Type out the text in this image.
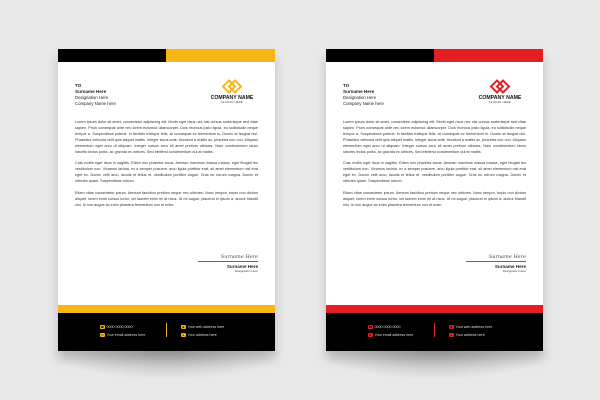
TO
Surname Here
Designation Here
Company Name here
COMPANY NAME
SLOGAN HERE

Lorem ipsum dolor sit amet, consectetur adipiscing elit. Morbi eget risus nec nisi cursus scelerisque sed vitae sapien. Proin consequat ante nec lorem euismod ullamcorper. Duis rhoncus justo ligula, eu sollicitudin neque tempor a. Suspendisse potenti. In facilisis tristique felis, at consequat ex fermentum in. Donec at feugiat nisl. Phasellus vehicula velit quis aliquet mattis. Integer lacus ante, tincidunt a mattis ac, pharetra non orci. Aliquam elementum eget arcu ut aliquam. Integer cursus arcu sit amet pretium ultricies. Nam condimentum lacus lobortis lectus porta, ac gravida ex ultrices. Sed eleifend condimentum dui at mattis.

Cras mollis eget risus in sagittis. Etiam nec pharetra lacus. Aenean maximus massa massa, eget feugiat leo vestibulum non. Vivamus lacinia, ex a semper posuere, arcu ligula porttitor erat, sit amet elementum nisl erat eget ex. Donec velit arcu, iaculis et tellus et, vestibulum porttitor augue. Cras eu rutrum magna. Donec et ultricies quam. Suspendisse rutrum.

Etiam vitae consectetur ipsum. Aenean faucibus pretium neque nec ultricies. Nunc tempor, turpis non dictum aliquet, lorem enim cursus tortor, vel laoreet enim mi at risus. Ut mi augue, placerat in ipsum a, auctor blandit nisl. In non augue ac enim pharetra fermentum non et enim.

Surname Here
Surname Here
Designation Here
☎ 0000 0000 0000
✉ Your email address here
◉ Your web address here
● Your address here
TO
Surname Here
Designation Here
Company Name here
COMPANY NAME
SLOGAN HERE

Lorem ipsum dolor sit amet, consectetur adipiscing elit. Morbi eget risus nec nisi cursus scelerisque sed vitae sapien. Proin consequat ante nec lorem euismod ullamcorper. Duis rhoncus justo ligula, eu sollicitudin neque tempor a. Suspendisse potenti. In facilisis tristique felis, at consequat ex fermentum in. Donec at feugiat nisl. Phasellus vehicula velit quis aliquet mattis. Integer lacus ante, tincidunt a mattis ac, pharetra non orci. Aliquam elementum eget arcu ut aliquam. Integer cursus arcu sit amet pretium ultricies. Nam condimentum lacus lobortis lectus porta, ac gravida ex ultrices. Sed eleifend condimentum dui at mattis.

Cras mollis eget risus in sagittis. Etiam nec pharetra lacus. Aenean maximus massa massa, eget feugiat leo vestibulum non. Vivamus lacinia, ex a semper posuere, arcu ligula porttitor erat, sit amet elementum nisl erat eget ex. Donec velit arcu, iaculis et tellus et, vestibulum porttitor augue. Cras eu rutrum magna. Donec et ultricies quam. Suspendisse rutrum.

Etiam vitae consectetur ipsum. Aenean faucibus pretium neque nec ultricies. Nunc tempor, turpis non dictum aliquet, lorem enim cursus tortor, vel laoreet enim mi at risus. Ut mi augue, placerat in ipsum a, auctor blandit nisl. In non augue ac enim pharetra fermentum non et enim.

Surname Here
Surname Here
Designation Here
☎ 0000 0000 0000
✉ Your email address here
◉ Your web address here
● Your address here
